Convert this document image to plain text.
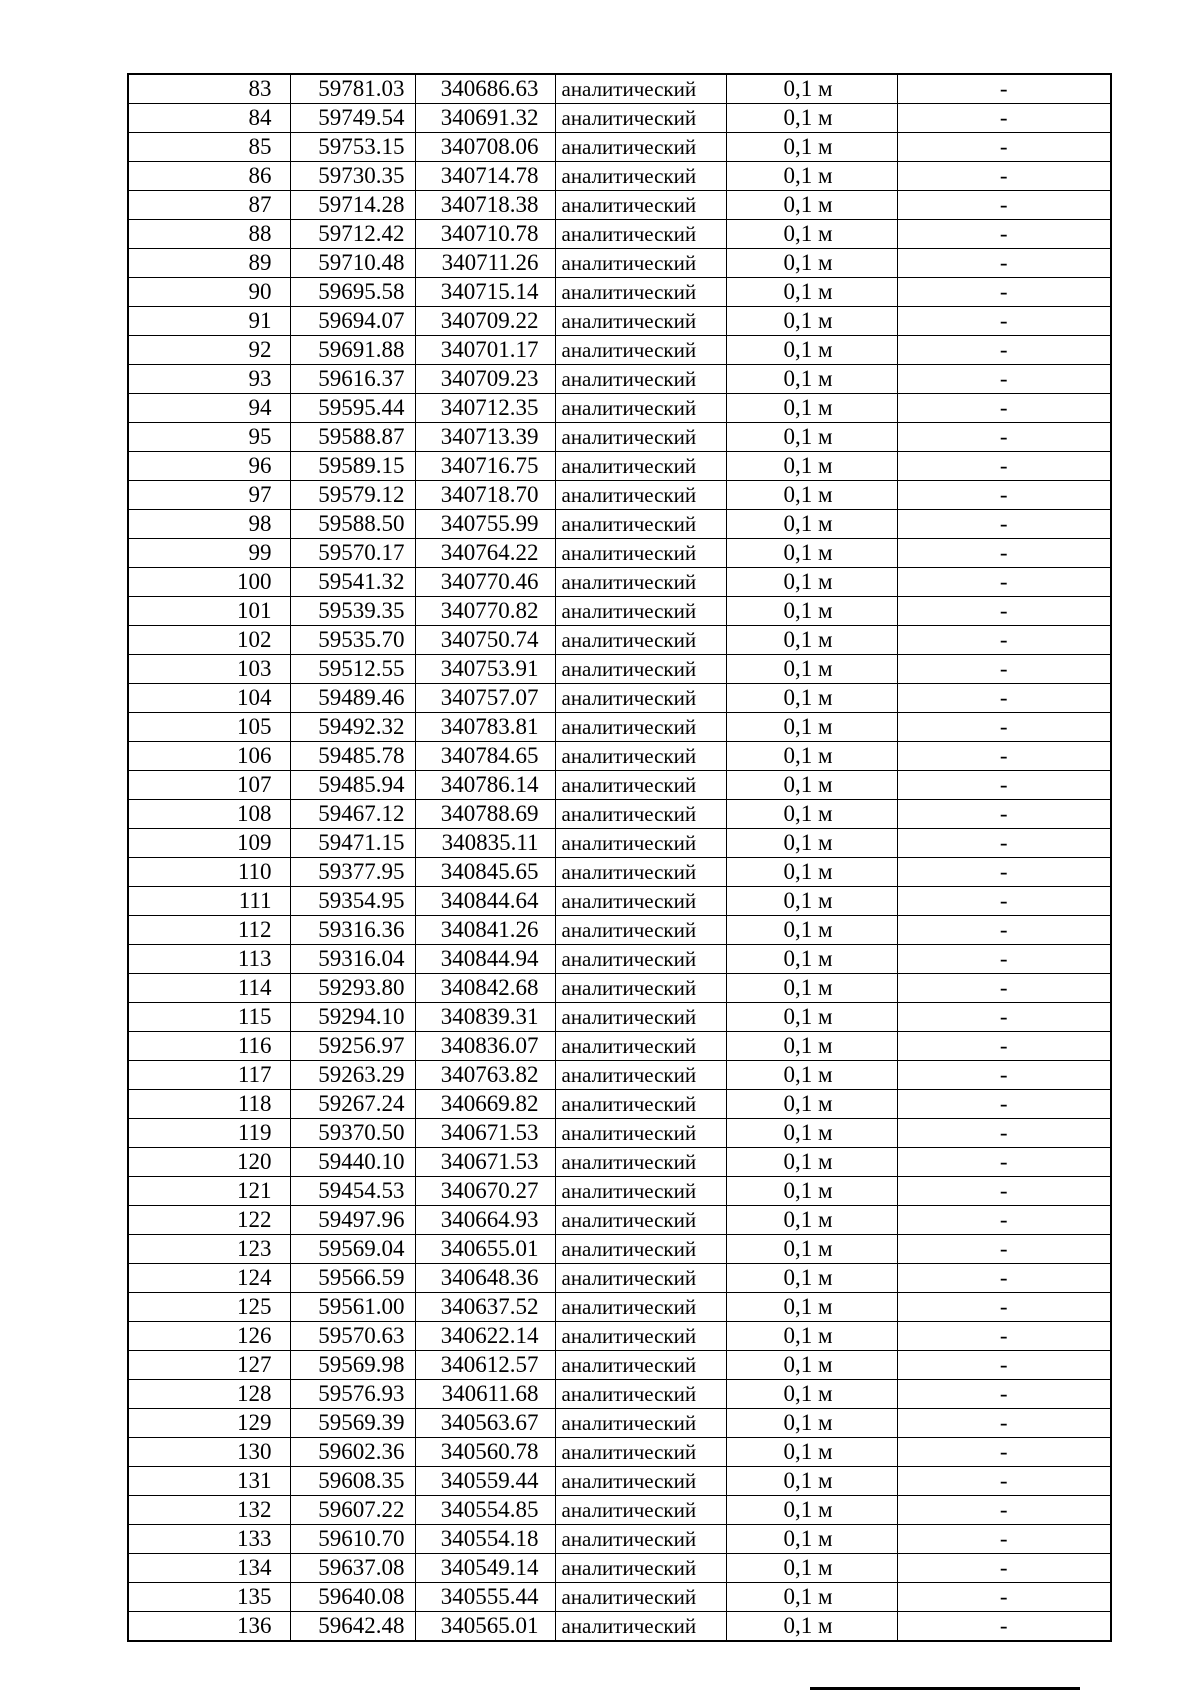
83	59781.03	340686.63	аналитический	0,1 м	-
84	59749.54	340691.32	аналитический	0,1 м	-
85	59753.15	340708.06	аналитический	0,1 м	-
86	59730.35	340714.78	аналитический	0,1 м	-
87	59714.28	340718.38	аналитический	0,1 м	-
88	59712.42	340710.78	аналитический	0,1 м	-
89	59710.48	340711.26	аналитический	0,1 м	-
90	59695.58	340715.14	аналитический	0,1 м	-
91	59694.07	340709.22	аналитический	0,1 м	-
92	59691.88	340701.17	аналитический	0,1 м	-
93	59616.37	340709.23	аналитический	0,1 м	-
94	59595.44	340712.35	аналитический	0,1 м	-
95	59588.87	340713.39	аналитический	0,1 м	-
96	59589.15	340716.75	аналитический	0,1 м	-
97	59579.12	340718.70	аналитический	0,1 м	-
98	59588.50	340755.99	аналитический	0,1 м	-
99	59570.17	340764.22	аналитический	0,1 м	-
100	59541.32	340770.46	аналитический	0,1 м	-
101	59539.35	340770.82	аналитический	0,1 м	-
102	59535.70	340750.74	аналитический	0,1 м	-
103	59512.55	340753.91	аналитический	0,1 м	-
104	59489.46	340757.07	аналитический	0,1 м	-
105	59492.32	340783.81	аналитический	0,1 м	-
106	59485.78	340784.65	аналитический	0,1 м	-
107	59485.94	340786.14	аналитический	0,1 м	-
108	59467.12	340788.69	аналитический	0,1 м	-
109	59471.15	340835.11	аналитический	0,1 м	-
110	59377.95	340845.65	аналитический	0,1 м	-
111	59354.95	340844.64	аналитический	0,1 м	-
112	59316.36	340841.26	аналитический	0,1 м	-
113	59316.04	340844.94	аналитический	0,1 м	-
114	59293.80	340842.68	аналитический	0,1 м	-
115	59294.10	340839.31	аналитический	0,1 м	-
116	59256.97	340836.07	аналитический	0,1 м	-
117	59263.29	340763.82	аналитический	0,1 м	-
118	59267.24	340669.82	аналитический	0,1 м	-
119	59370.50	340671.53	аналитический	0,1 м	-
120	59440.10	340671.53	аналитический	0,1 м	-
121	59454.53	340670.27	аналитический	0,1 м	-
122	59497.96	340664.93	аналитический	0,1 м	-
123	59569.04	340655.01	аналитический	0,1 м	-
124	59566.59	340648.36	аналитический	0,1 м	-
125	59561.00	340637.52	аналитический	0,1 м	-
126	59570.63	340622.14	аналитический	0,1 м	-
127	59569.98	340612.57	аналитический	0,1 м	-
128	59576.93	340611.68	аналитический	0,1 м	-
129	59569.39	340563.67	аналитический	0,1 м	-
130	59602.36	340560.78	аналитический	0,1 м	-
131	59608.35	340559.44	аналитический	0,1 м	-
132	59607.22	340554.85	аналитический	0,1 м	-
133	59610.70	340554.18	аналитический	0,1 м	-
134	59637.08	340549.14	аналитический	0,1 м	-
135	59640.08	340555.44	аналитический	0,1 м	-
136	59642.48	340565.01	аналитический	0,1 м	-
